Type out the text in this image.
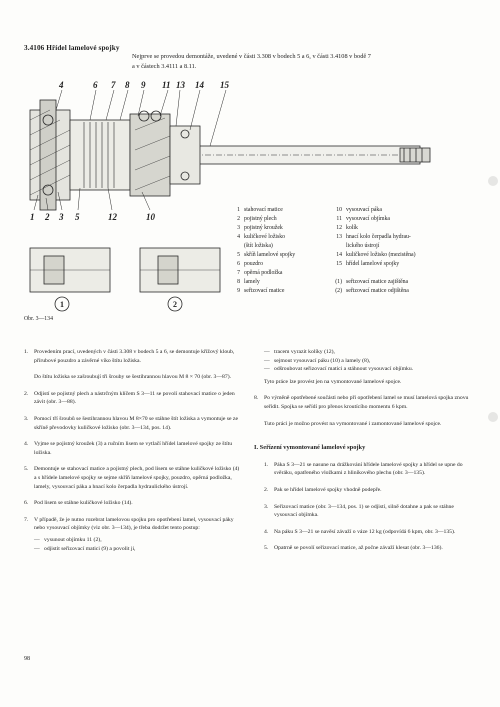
3.4106 Hřídel lamelové spojky
Nejprve se provedou demontáže, uvedené v části 3.308 v bodech 5 a 6, v části 3.4108 v bodě 7 a v částech 3.4111 a 8.11.
4	6 7 8 9 11 13 14 15
1 2 3 5	12	10
1	2
1 stahovací matice
2 pojistný plech
3 pojistný kroužek
4 kuličkové ložisko
(štít ložiska)
5 skříň lamelové spojky
6 pouzdro
7 opěrná podložka
8 lamely
9 seřizovací matice
10 vysouvací páka
11 vysouvací objímka
12 kolík
13 hnací kolo čerpadla hydrau-
lického ústrojí
14 kuličkové ložisko (mezistěna)
15 hřídel lamelové spojky

(1) seřizovací matice zajištěna
(2) seřizovací matice odjištěna
Obr. 3—134
1.	Provedením prací, uvedených v části 3.308 v bodech 5 a 6, se demontuje křížový kloub, přírubové pouzdro a závěrné víko štítu ložiska.
Do štítu ložiska se zašroubují tři šrouby se šestihrannou hlavou M 8 × 70 (obr. 3—87).
2.	Odjistí se pojistný plech a nástrčným klíčem S 3—11 se povolí stahovací matice o jeden závit (obr. 3—88).
3.	Pomocí tří šroubů se šestihrannou hlavou M 8×70 se stáhne štít ložiska a vymontuje se ze skříně převodovky kuličkové ložisko (obr. 3—134, pos. 14).
4.	Vyjme se pojistný kroužek (3) a ručním lisem se vytlačí hřídel lamelové spojky ze štítu ložiska.
5.	Demontuje se stahovací matice a pojistný plech, pod lisem se stáhne kuličkové ložisko (4) a s hřídele lamelové spojky se sejme skříň lamelové spojky, pouzdro, opěrná podložka, lamely, vysouvací páka a hnací kolo čerpadla hydraulického ústrojí.
6.	Pod lisem se stáhne kuličkové ložisko (14).
7.	V případě, že je nutno rozebrat lamelovou spojku pro opotřebení lamel, vysouvací páky nebo vysouvací objímky (viz obr. 3—134), je třeba dodržet tento postup:
— vysunout objímku 11 (2),
— odjistit seřizovací matici (9) a povolit ji,
— tracem vyrazit kolíky (12),
— sejmout vysouvací páku (10) a lamely (8),
— odšroubovat seřizovací matici a stáhnout vysouvací objímku.
Tyto práce lze provést jen na vymontované lamelové spojce.
8.	Po výměně opotřebené součásti nebo při opotřebení lamel se musí lamelová spojka znovu seřídit. Spojka se seřídí pro přenos kroutícího momentu 6 kpm.
Tuto práci je možno provést na vymontované i zamontované lamelové spojce.
I. Seřízení vymontované lamelové spojky
1.	Páka S 3—21 se nasune na drážkování hřídele lamelové spojky a hřídel se upne do svěráku, opatřeného vložkami z hliníkového plechu (obr. 3—135).
2.	Pak se hřídel lamelové spojky vhodně podepře.
3.	Seřizovací matice (obr. 3—134, pos. 1) se odjistí, silně dotahne a pak se stáhne vysouvací objímka.
4.	Na páku S 3—21 se navěsí závaží o váze 12 kg (odpovídá 6 kpm, obr. 3—135).
5.	Opatrně se povolí seřizovací matice, až počne závaží klesat (obr. 3—136).
98
